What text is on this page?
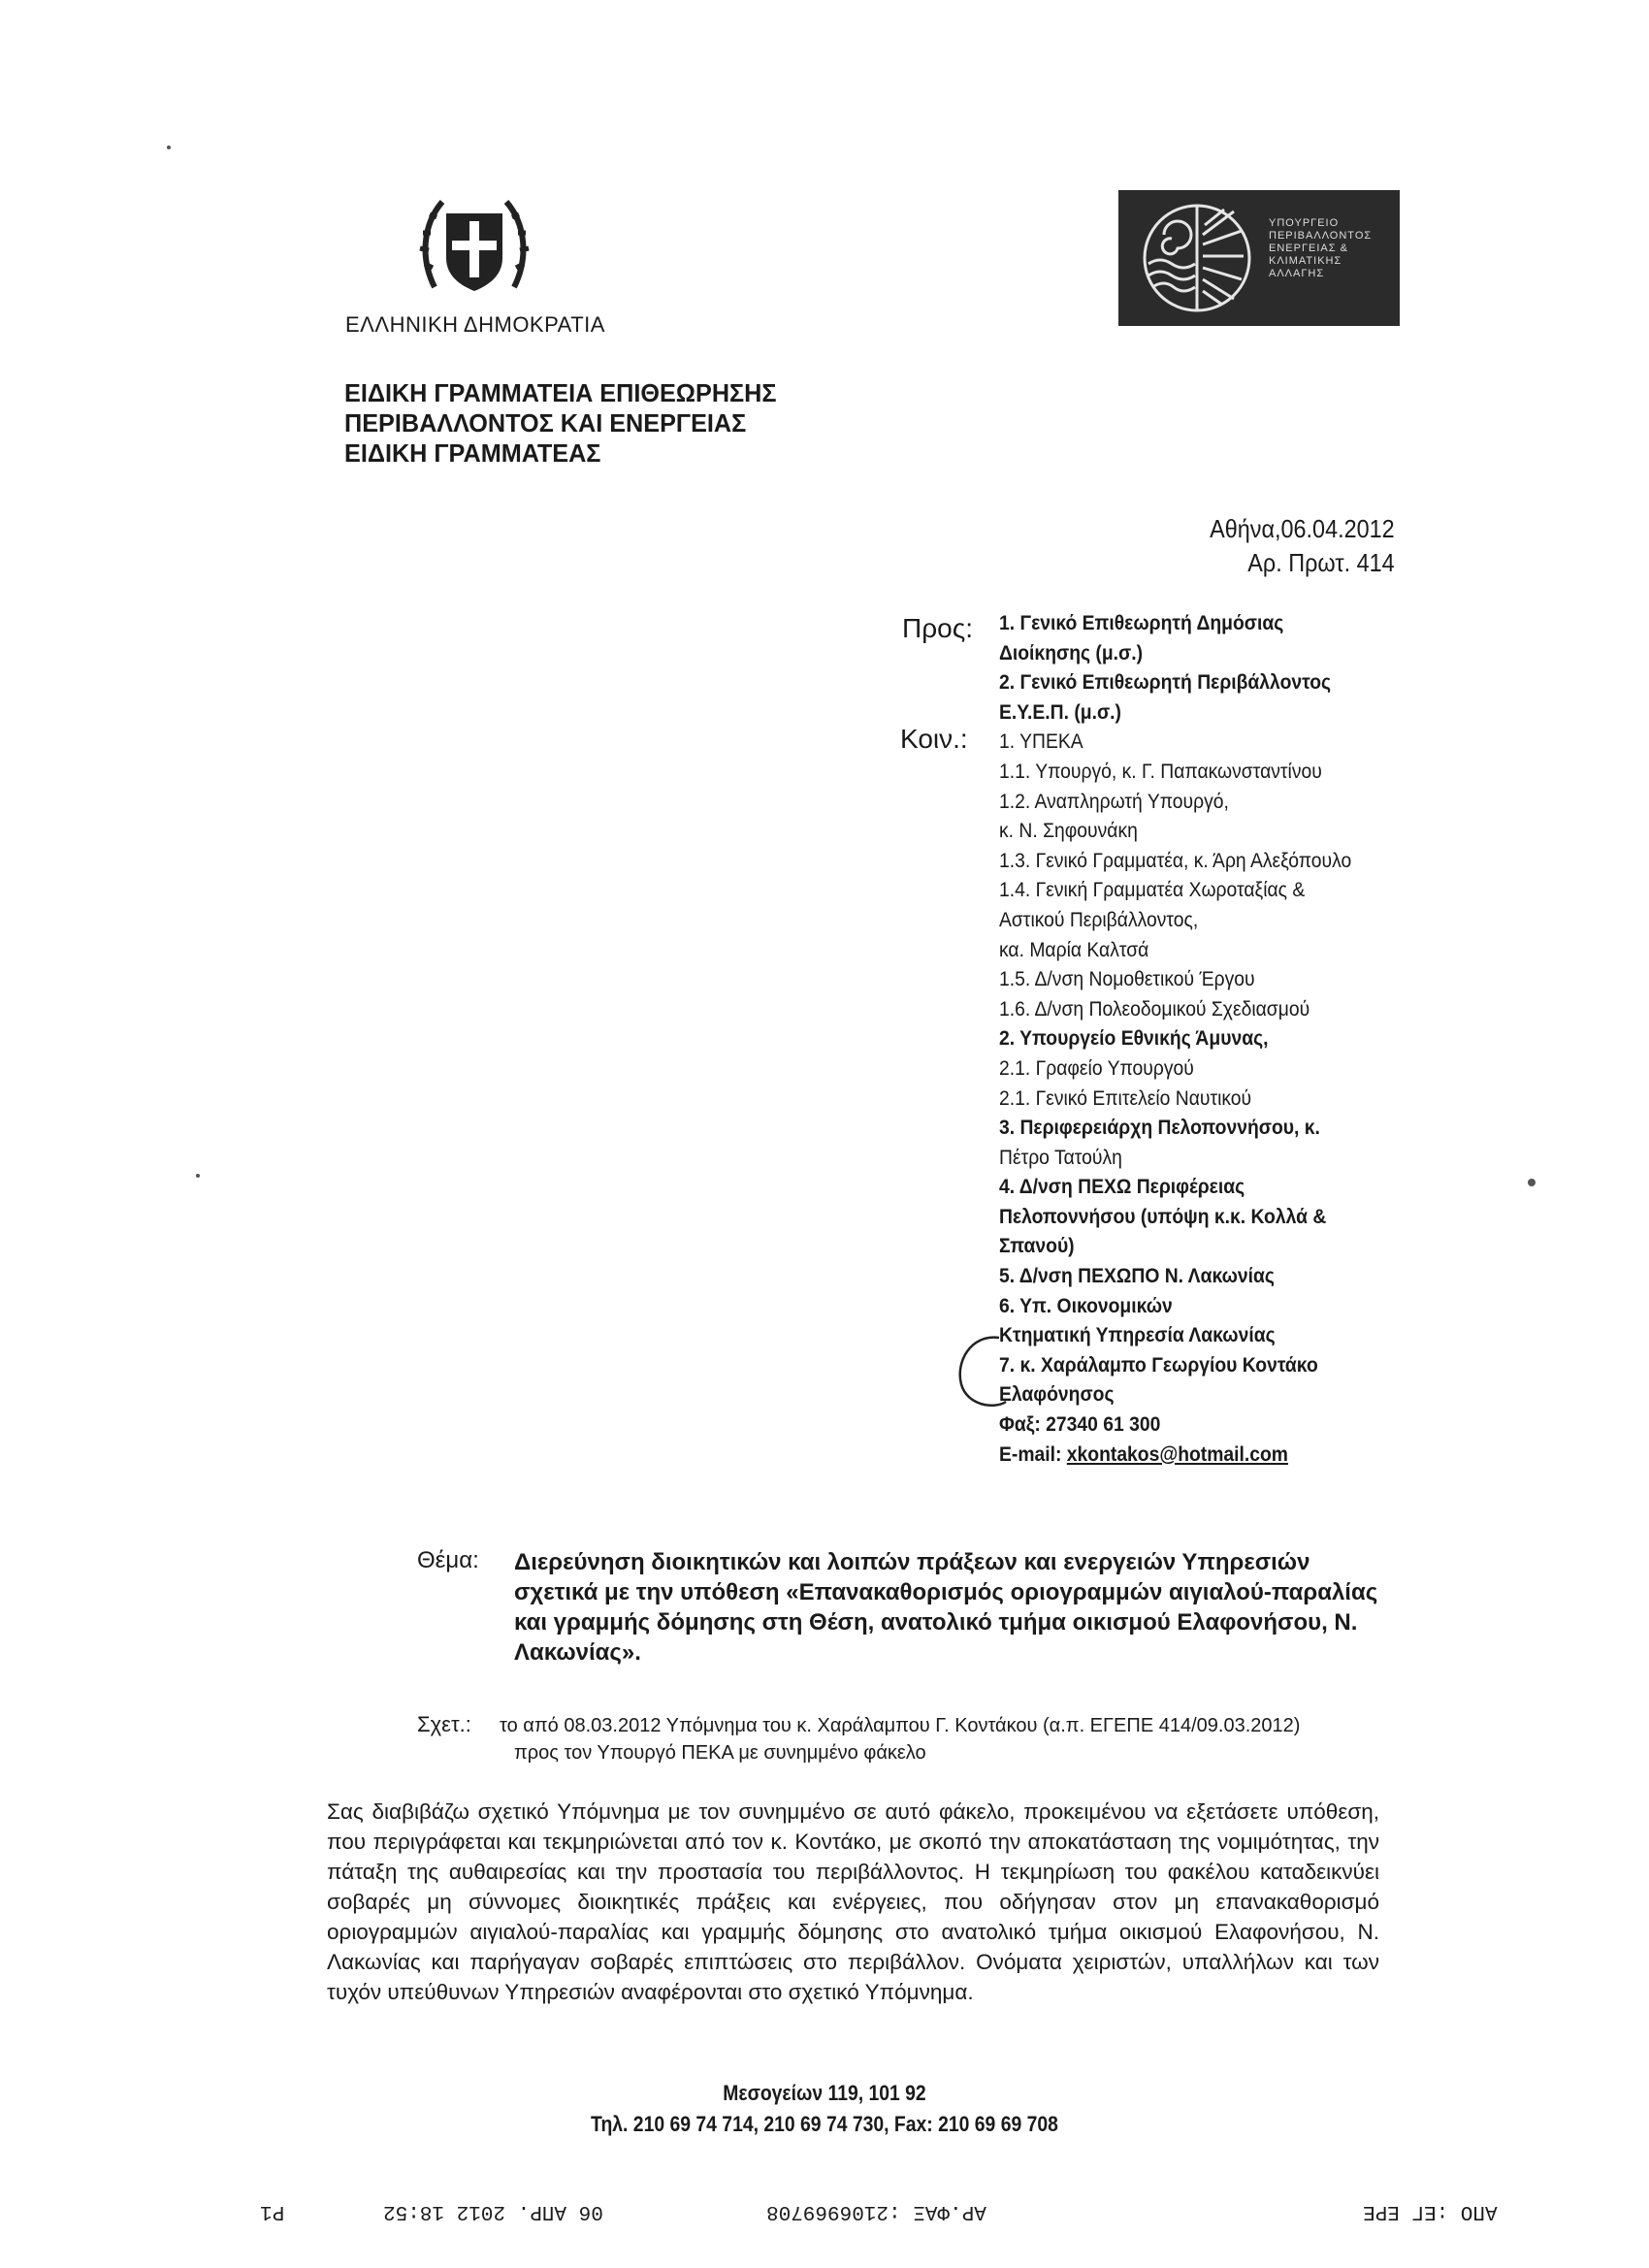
ΕΛΛΗΝΙΚΗ ΔΗΜΟΚΡΑΤΙΑ
ΕΙΔΙΚΗ ΓΡΑΜΜΑΤΕΙΑ ΕΠΙΘΕΩΡΗΣΗΣ
ΠΕΡΙΒΑΛΛΟΝΤΟΣ ΚΑΙ ΕΝΕΡΓΕΙΑΣ
ΕΙΔΙΚΗ ΓΡΑΜΜΑΤΕΑΣ
ΥΠΟΥΡΓΕΙΟ
ΠΕΡΙΒΑΛΛΟΝΤΟΣ
ΕΝΕΡΓΕΙΑΣ &
ΚΛΙΜΑΤΙΚΗΣ
ΑΛΛΑΓΗΣ
Αθήνα,06.04.2012
Αρ. Πρωτ. 414
Προς:
Κοιν.:
1. Γενικό Επιθεωρητή Δημόσιας
Διοίκησης (μ.σ.)
2. Γενικό Επιθεωρητή Περιβάλλοντος
Ε.Υ.Ε.Π. (μ.σ.)
1. ΥΠΕΚΑ
1.1. Υπουργό, κ. Γ. Παπακωνσταντίνου
1.2. Αναπληρωτή Υπουργό,
κ. Ν. Σηφουνάκη
1.3. Γενικό Γραμματέα, κ. Άρη Αλεξόπουλο
1.4. Γενική Γραμματέα Χωροταξίας &
Αστικού Περιβάλλοντος,
κα. Μαρία Καλτσά
1.5. Δ/νση Νομοθετικού Έργου
1.6. Δ/νση Πολεοδομικού Σχεδιασμού
2. Υπουργείο Εθνικής Άμυνας,
2.1. Γραφείο Υπουργού
2.1. Γενικό Επιτελείο Ναυτικού
3. Περιφερειάρχη Πελοποννήσου, κ.
Πέτρο Τατούλη
4. Δ/νση ΠΕΧΩ Περιφέρειας
Πελοποννήσου (υπόψη κ.κ. Κολλά &
Σπανού)
5. Δ/νση ΠΕΧΩΠΟ Ν. Λακωνίας
6. Υπ. Οικονομικών
Κτηματική Υπηρεσία Λακωνίας
7. κ. Χαράλαμπο Γεωργίου Κοντάκο
Ελαφόνησος
Φαξ: 27340 61 300
E-mail: xkontakos@hotmail.com
Θέμα: Διερεύνηση διοικητικών και λοιπών πράξεων και ενεργειών Υπηρεσιών σχετικά με την υπόθεση «Επανακαθορισμός οριογραμμών αιγιαλού-παραλίας και γραμμής δόμησης στη Θέση, ανατολικό τμήμα οικισμού Ελαφονήσου, Ν. Λακωνίας».
Σχετ.: το από 08.03.2012 Υπόμνημα του κ. Χαράλαμπου Γ. Κοντάκου (α.π. ΕΓΕΠΕ 414/09.03.2012)
προς τον Υπουργό ΠΕΚΑ με συνημμένο φάκελο
Σας διαβιβάζω σχετικό Υπόμνημα με τον συνημμένο σε αυτό φάκελο, προκειμένου να εξετάσετε υπόθεση, που περιγράφεται και τεκμηριώνεται από τον κ. Κοντάκο, με σκοπό την αποκατάσταση της νομιμότητας, την πάταξη της αυθαιρεσίας και την προστασία του περιβάλλοντος. Η τεκμηρίωση του φακέλου καταδεικνύει σοβαρές μη σύννομες διοικητικές πράξεις και ενέργειες, που οδήγησαν στον μη επανακαθορισμό οριογραμμών αιγιαλού-παραλίας και γραμμής δόμησης στο ανατολικό τμήμα οικισμού Ελαφονήσου, Ν. Λακωνίας και παρήγαγαν σοβαρές επιπτώσεις στο περιβάλλον. Ονόματα χειριστών, υπαλλήλων και των τυχόν υπεύθυνων Υπηρεσιών αναφέρονται στο σχετικό Υπόμνημα.
Μεσογείων 119, 101 92
Τηλ. 210 69 74 714, 210 69 74 730, Fax: 210 69 69 708
ΑΠΟ :ΕΓ ΕΡΕ
ΑΡ.ΦΑΞ :2106969708
06 ΑΠΡ. 2012 18:52
Ρ1
